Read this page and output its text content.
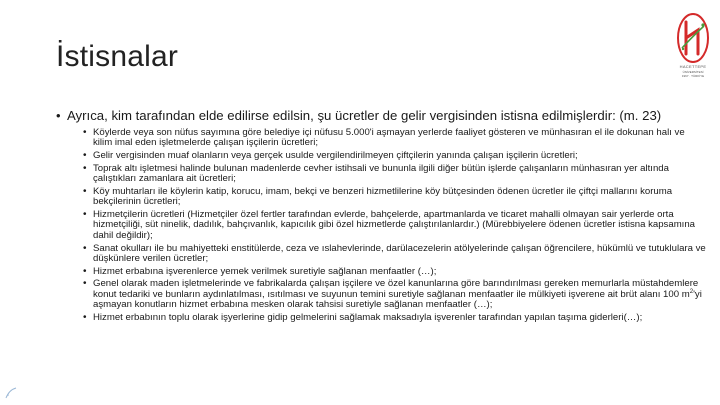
İstisnalar	HACETTEPE
ÜNİVERSİTESİ
1967 · TÜRKİYE
• Ayrıca, kim tarafından elde edilirse edilsin, şu ücretler de gelir vergisinden istisna edilmişlerdir: (m. 23)
• Köylerde veya son nüfus sayımına göre belediye içi nüfusu 5.000'i aşmayan yerlerde faaliyet gösteren ve münhasıran el ile dokunan halı ve kilim imal eden işletmelerde çalışan işçilerin ücretleri;
• Gelir vergisinden muaf olanların veya gerçek usulde vergilendirilmeyen çiftçilerin yanında çalışan işçilerin ücretleri;
• Toprak altı işletmesi halinde bulunan madenlerde cevher istihsali ve bununla ilgili diğer bütün işlerde çalışanların münhasıran yer altında çalıştıkları zamanlara ait ücretleri;
• Köy muhtarları ile köylerin katip, korucu, imam, bekçi ve benzeri hizmetlilerine köy bütçesinden ödenen ücretler ile çiftçi mallarını koruma bekçilerinin ücretleri;
• Hizmetçilerin ücretleri (Hizmetçiler özel fertler tarafından evlerde, bahçelerde, apartmanlarda ve ticaret mahalli olmayan sair yerlerde orta hizmetçiliği, süt ninelik, dadılık, bahçıvanlık, kapıcılık gibi özel hizmetlerde çalıştırılanlardır.) (Mürebbiyelere ödenen ücretler istisna kapsamına dahil değildir);
• Sanat okulları ile bu mahiyetteki enstitülerde, ceza ve ıslahevlerinde, darülacezelerin atölyelerinde çalışan öğrencilere, hükümlü ve tutuklulara ve düşkünlere verilen ücretler;
• Hizmet erbabına işverenlerce yemek verilmek suretiyle sağlanan menfaatler (…);
• Genel olarak maden işletmelerinde ve fabrikalarda çalışan işçilere ve özel kanunlarına göre barındırılması gereken memurlarla müstahdemlere konut tedariki ve bunların aydınlatılması, ısıtılması ve suyunun temini suretiyle sağlanan menfaatler ile mülkiyeti işverene ait brüt alanı 100 $m^2'yi$ aşmayan konutların hizmet erbabına mesken olarak tahsisi suretiyle sağlanan menfaatler (…);
• Hizmet erbabının toplu olarak işyerlerine gidip gelmelerini sağlamak maksadıyla işverenler tarafından yapılan taşıma giderleri(…);
